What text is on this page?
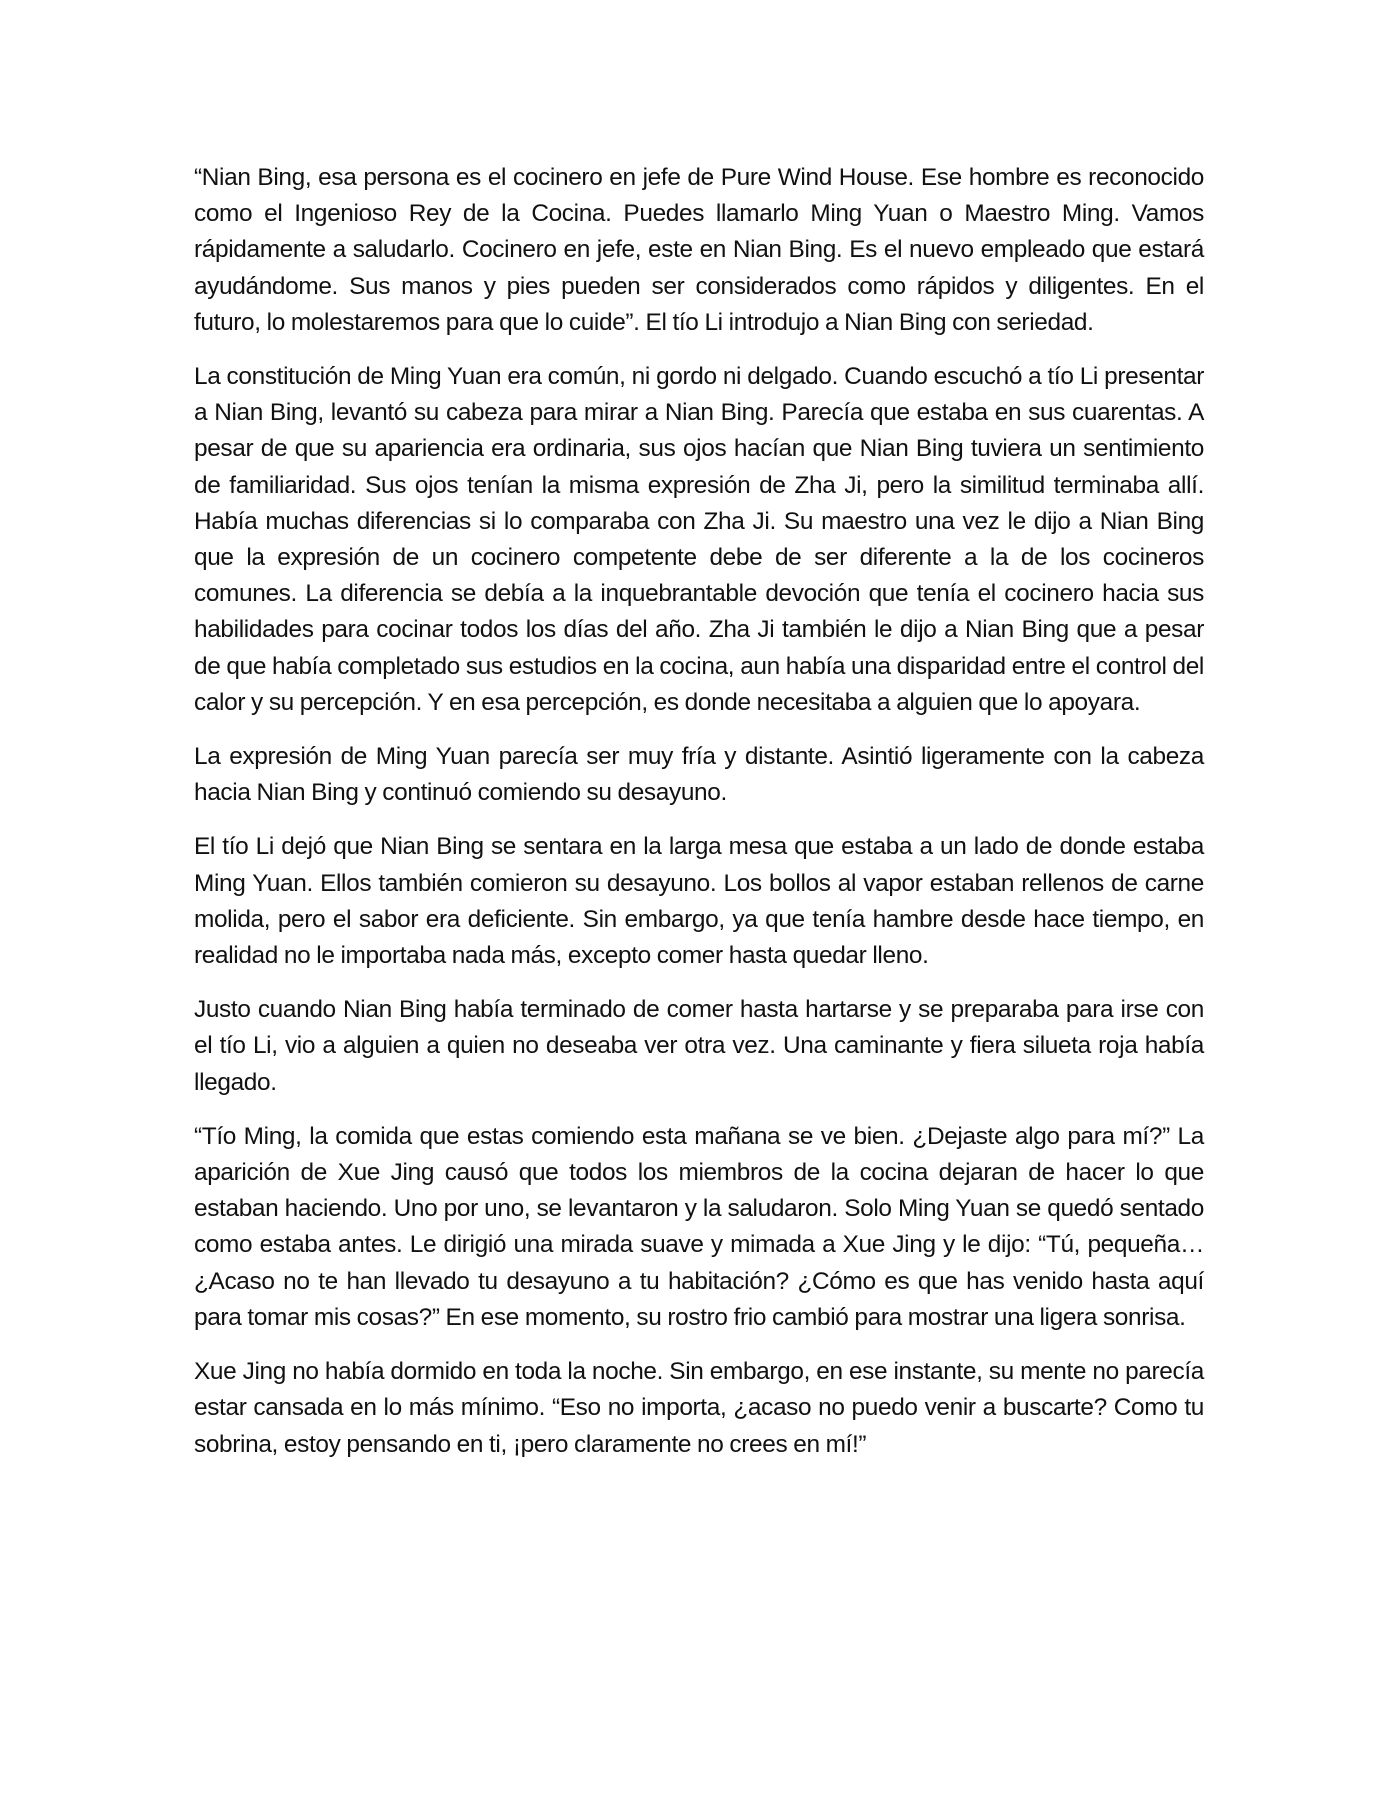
“Nian Bing, esa persona es el cocinero en jefe de Pure Wind House. Ese hombre es reconocido como el Ingenioso Rey de la Cocina. Puedes llamarlo Ming Yuan o Maestro Ming. Vamos rápidamente a saludarlo. Cocinero en jefe, este en Nian Bing. Es el nuevo empleado que estará ayudándome. Sus manos y pies pueden ser considerados como rápidos y diligentes. En el futuro, lo molestaremos para que lo cuide”. El tío Li introdujo a Nian Bing con seriedad.

La constitución de Ming Yuan era común, ni gordo ni delgado. Cuando escuchó a tío Li presentar a Nian Bing, levantó su cabeza para mirar a Nian Bing. Parecía que estaba en sus cuarentas. A pesar de que su apariencia era ordinaria, sus ojos hacían que Nian Bing tuviera un sentimiento de familiaridad. Sus ojos tenían la misma expresión de Zha Ji, pero la similitud terminaba allí. Había muchas diferencias si lo comparaba con Zha Ji. Su maestro una vez le dijo a Nian Bing que la expresión de un cocinero competente debe de ser diferente a la de los cocineros comunes. La diferencia se debía a la inquebrantable devoción que tenía el cocinero hacia sus habilidades para cocinar todos los días del año. Zha Ji también le dijo a Nian Bing que a pesar de que había completado sus estudios en la cocina, aun había una disparidad entre el control del calor y su percepción. Y en esa percepción, es donde necesitaba a alguien que lo apoyara.

La expresión de Ming Yuan parecía ser muy fría y distante. Asintió ligeramente con la cabeza hacia Nian Bing y continuó comiendo su desayuno.

El tío Li dejó que Nian Bing se sentara en la larga mesa que estaba a un lado de donde estaba Ming Yuan. Ellos también comieron su desayuno. Los bollos al vapor estaban rellenos de carne molida, pero el sabor era deficiente. Sin embargo, ya que tenía hambre desde hace tiempo, en realidad no le importaba nada más, excepto comer hasta quedar lleno.

Justo cuando Nian Bing había terminado de comer hasta hartarse y se preparaba para irse con el tío Li, vio a alguien a quien no deseaba ver otra vez. Una caminante y fiera silueta roja había llegado.

“Tío Ming, la comida que estas comiendo esta mañana se ve bien. ¿Dejaste algo para mí?” La aparición de Xue Jing causó que todos los miembros de la cocina dejaran de hacer lo que estaban haciendo. Uno por uno, se levantaron y la saludaron. Solo Ming Yuan se quedó sentado como estaba antes. Le dirigió una mirada suave y mimada a Xue Jing y le dijo: “Tú, pequeña… ¿Acaso no te han llevado tu desayuno a tu habitación? ¿Cómo es que has venido hasta aquí para tomar mis cosas?” En ese momento, su rostro frio cambió para mostrar una ligera sonrisa.

Xue Jing no había dormido en toda la noche. Sin embargo, en ese instante, su mente no parecía estar cansada en lo más mínimo. “Eso no importa, ¿acaso no puedo venir a buscarte? Como tu sobrina, estoy pensando en ti, ¡pero claramente no crees en mí!”
